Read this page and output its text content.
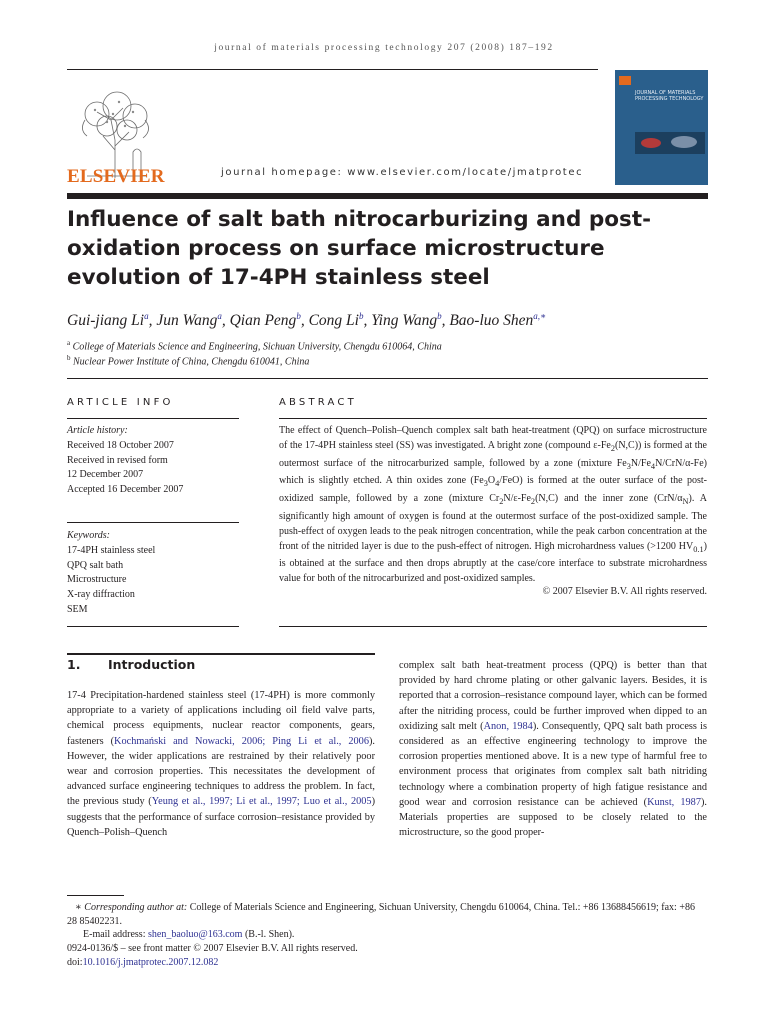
journal of materials processing technology 207 (2008) 187–192
ELSEVIER	journal homepage: www.elsevier.com/locate/jmatprotec
JOURNAL OF MATERIALS PROCESSING TECHNOLOGY
Influence of salt bath nitrocarburizing and post-oxidation process on surface microstructure evolution of 17-4PH stainless steel
Gui-jiang Li$^a$, Jun Wang$^a$, Qian Peng$^b$, Cong Li$^b$, Ying Wang$^b$, Bao-luo Shen$^{a,∗}$
$^a$ College of Materials Science and Engineering, Sichuan University, Chengdu 610064, China
$^b$ Nuclear Power Institute of China, Chengdu 610041, China
ARTICLE INFO
Article history:
Received 18 October 2007
Received in revised form
12 December 2007
Accepted 16 December 2007
Keywords:
17-4PH stainless steel
QPQ salt bath
Microstructure
X-ray diffraction
SEM
ABSTRACT
The effect of Quench–Polish–Quench complex salt bath heat-treatment (QPQ) on surface microstructure of the 17-4PH stainless steel (SS) was investigated. A bright zone (compound $\varepsilon-Fe_2(N,C)$) is formed at the outermost surface of the nitrocarburized sample, followed by a zone (mixture $Fe_3N/Fe_4N/CrN/\alpha-Fe$) which is slightly etched. A thin oxides zone $(Fe_3O_4/FeO)$ is formed at the outer surface of the post-oxidized sample, followed by a zone (mixture $Cr_2N/\varepsilon-Fe_2(N,C)$ and the inner zone $(CrN/\alpha_N)$. A significantly high amount of oxygen is found at the outermost surface of the post-oxidized sample. The push-effect of oxygen leads to the peak nitrogen concentration, while the peak carbon concentration at the front of the nitrided layer is due to the push-effect of nitrogen. High microhardness values (>1200 $HV_{0.1}$) is obtained at the surface and then drops abruptly at the case/core interface to substrate microhardness value for both of the nitrocarburized and post-oxidized samples.
© 2007 Elsevier B.V. All rights reserved.
1. Introduction
17-4 Precipitation-hardened stainless steel (17-4PH) is more commonly appropriate to a variety of applications including oil field valve parts, chemical process equipments, nuclear reactor components, gears, fasteners (Kochmański and Nowacki, 2006; Ping Li et al., 2006). However, the wider applications are restrained by their relatively poor wear and corrosion properties. This necessitates the development of advanced surface engineering techniques to address the problem. In fact, the previous study (Yeung et al., 1997; Li et al., 1997; Luo et al., 2005) suggests that the performance of surface corrosion–resistance provided by Quench–Polish–Quench
complex salt bath heat-treatment process (QPQ) is better than that provided by hard chrome plating or other galvanic layers. Besides, it is reported that a corrosion–resistance compound layer, which can be formed after the nitriding process, could be further improved when dipped to an oxidizing salt melt (Anon, 1984). Consequently, QPQ salt bath process is considered as an effective engineering technology to improve the corrosion properties mentioned above. It is a new type of harmful free to environment process that originates from complex salt bath nitriding technology where a combination property of high fatigue resistance and good wear and corrosion resistance can be achieved (Kunst, 1987). Materials properties are supposed to be closely related to the microstructure, so the good proper-
∗ Corresponding author at: College of Materials Science and Engineering, Sichuan University, Chengdu 610064, China. Tel.: +86 13688456619; fax: +86 28 85402231.
E-mail address: shen_baoluo@163.com (B.-l. Shen).
0924-0136/$ – see front matter © 2007 Elsevier B.V. All rights reserved.
doi:10.1016/j.jmatprotec.2007.12.082
